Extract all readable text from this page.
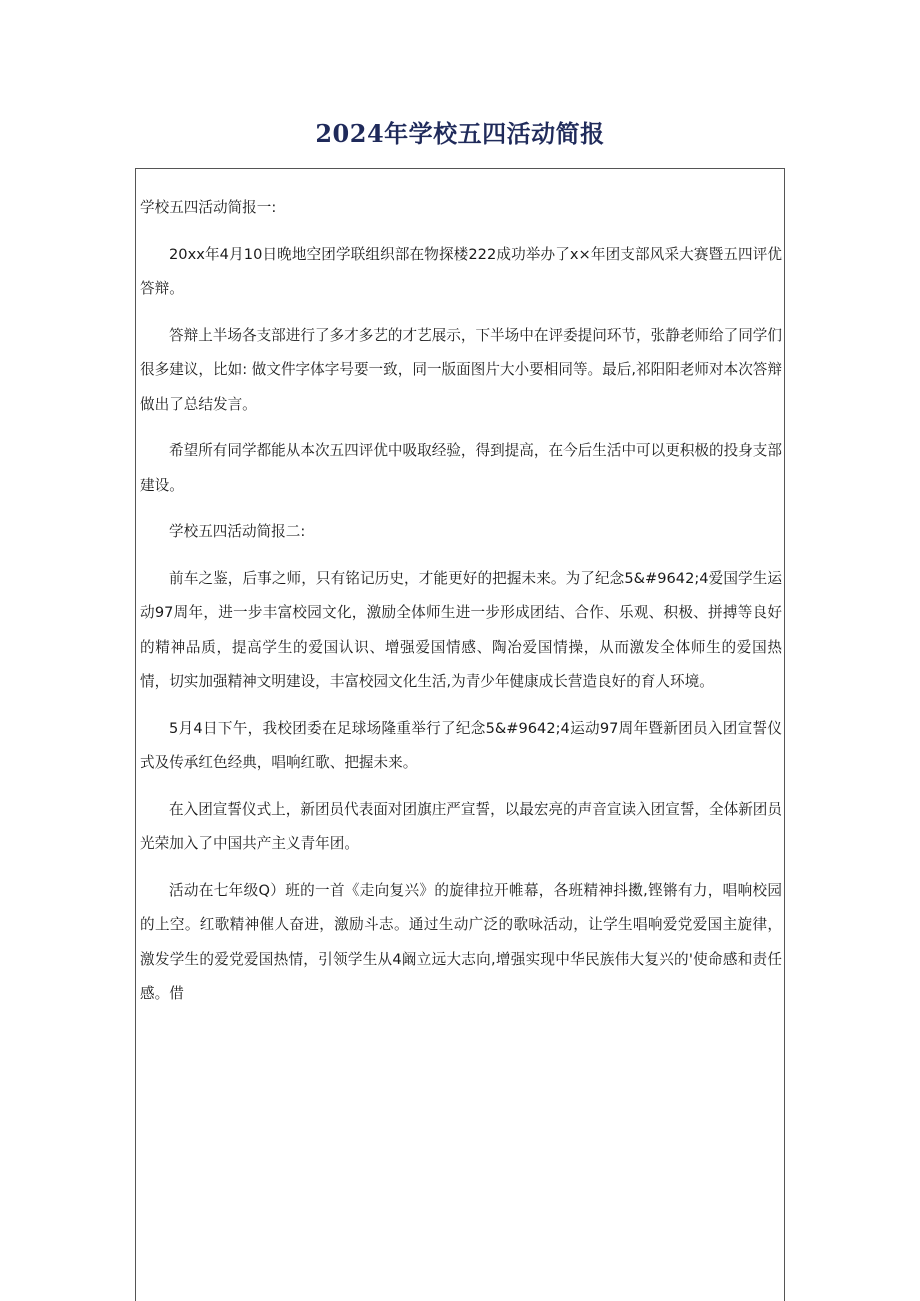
2024年学校五四活动简报

学校五四活动简报一:

20xx年4月10日晚地空团学联组织部在物探楼222成功举办了x×年团支部风采大赛暨五四评优答辩。

答辩上半场各支部进行了多才多艺的才艺展示，下半场中在评委提问环节，张静老师给了同学们很多建议，比如: 做文件字体字号要一致，同一版面图片大小要相同等。最后,祁阳阳老师对本次答辩做出了总结发言。

希望所有同学都能从本次五四评优中吸取经验，得到提高，在今后生活中可以更积极的投身支部建设。

学校五四活动简报二:

前车之鉴，后事之师，只有铭记历史，才能更好的把握未来。为了纪念5&#9642;4爱国学生运动97周年，进一步丰富校园文化，激励全体师生进一步形成团结、合作、乐观、积极、拼搏等良好的精神品质，提高学生的爱国认识、增强爱国情感、陶冶爱国情操，从而激发全体师生的爱国热情，切实加强精神文明建设，丰富校园文化生活,为青少年健康成长营造良好的育人环境。

5月4日下午，我校团委在足球场隆重举行了纪念5&#9642;4运动97周年暨新团员入团宣誓仪式及传承红色经典，唱响红歌、把握未来。

在入团宣誓仪式上，新团员代表面对团旗庄严宣誓，以最宏亮的声音宣读入团宣誓，全体新团员光荣加入了中国共产主义青年团。

活动在七年级Q）班的一首《走向复兴》的旋律拉开帷幕，各班精神抖擞,铿锵有力，唱响校园的上空。红歌精神催人奋进，激励斗志。通过生动广泛的歌咏活动，让学生唱响爱党爱国主旋律，激发学生的爱党爱国热情，引领学生从4阚立远大志向,增强实现中华民族伟大复兴的'使命感和责任感。借
